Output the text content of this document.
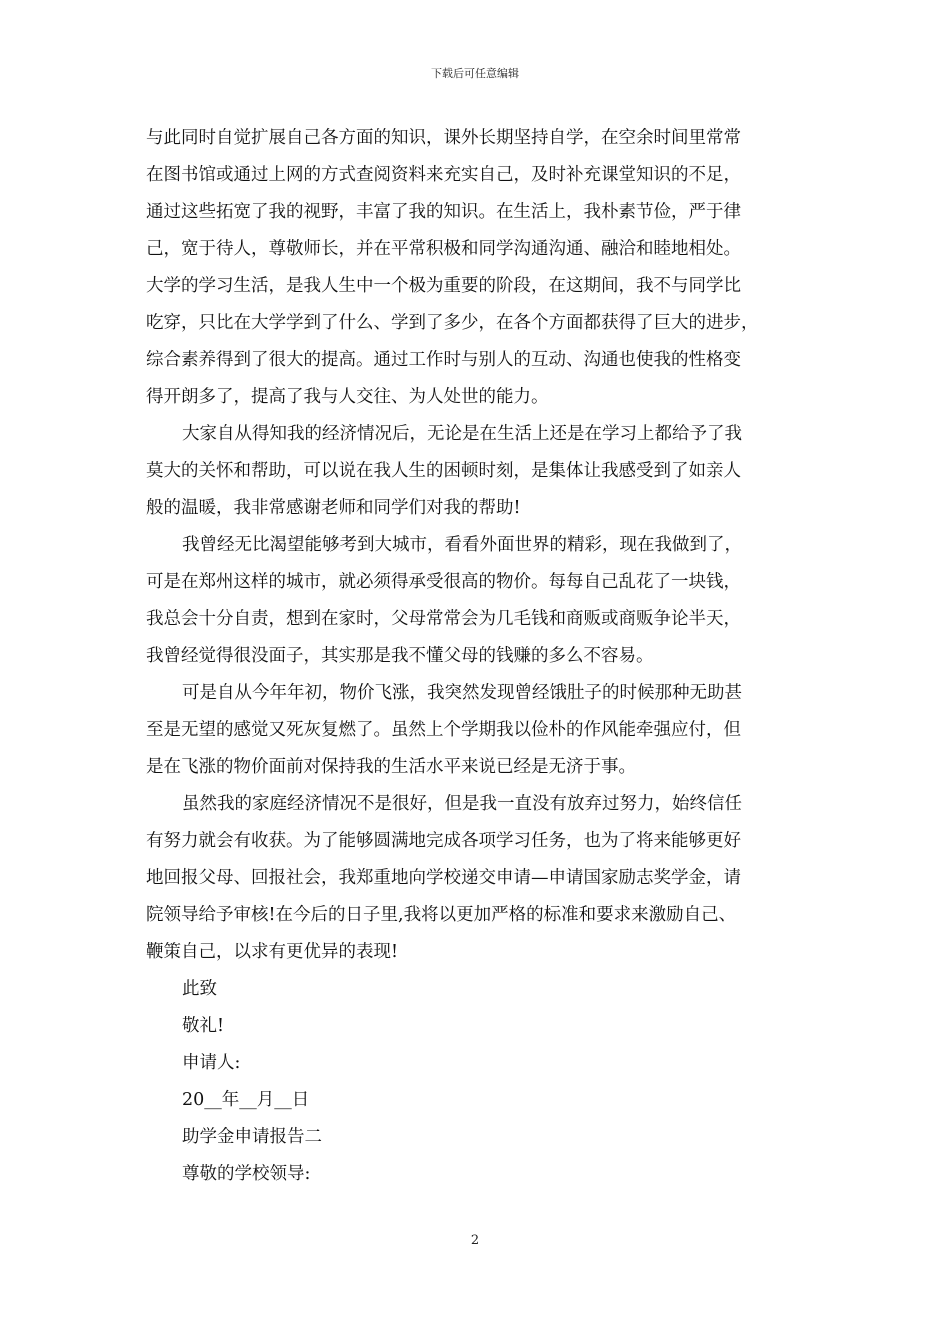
下载后可任意编辑
与此同时自觉扩展自己各方面的知识，课外长期坚持自学，在空余时间里常常
在图书馆或通过上网的方式查阅资料来充实自己，及时补充课堂知识的不足，
通过这些拓宽了我的视野，丰富了我的知识。在生活上，我朴素节俭，严于律
己，宽于待人，尊敬师长，并在平常积极和同学沟通沟通、融洽和睦地相处。
大学的学习生活，是我人生中一个极为重要的阶段，在这期间，我不与同学比
吃穿，只比在大学学到了什么、学到了多少，在各个方面都获得了巨大的进步，
综合素养得到了很大的提高。通过工作时与别人的互动、沟通也使我的性格变
得开朗多了，提高了我与人交往、为人处世的能力。
大家自从得知我的经济情况后，无论是在生活上还是在学习上都给予了我
莫大的关怀和帮助，可以说在我人生的困顿时刻，是集体让我感受到了如亲人
般的温暖，我非常感谢老师和同学们对我的帮助!
我曾经无比渴望能够考到大城市，看看外面世界的精彩，现在我做到了，
可是在郑州这样的城市，就必须得承受很高的物价。每每自己乱花了一块钱，
我总会十分自责，想到在家时，父母常常会为几毛钱和商贩或商贩争论半天，
我曾经觉得很没面子，其实那是我不懂父母的钱赚的多么不容易。
可是自从今年年初，物价飞涨，我突然发现曾经饿肚子的时候那种无助甚
至是无望的感觉又死灰复燃了。虽然上个学期我以俭朴的作风能牵强应付，但
是在飞涨的物价面前对保持我的生活水平来说已经是无济于事。
虽然我的家庭经济情况不是很好，但是我一直没有放弃过努力，始终信任
有努力就会有收获。为了能够圆满地完成各项学习任务，也为了将来能够更好
地回报父母、回报社会，我郑重地向学校递交申请—申请国家励志奖学金，请
院领导给予审核!在今后的日子里,我将以更加严格的标准和要求来激励自己、
鞭策自己，以求有更优异的表现!
此致
敬礼!
申请人:
20__年__月__日
助学金申请报告二
尊敬的学校领导:
2
